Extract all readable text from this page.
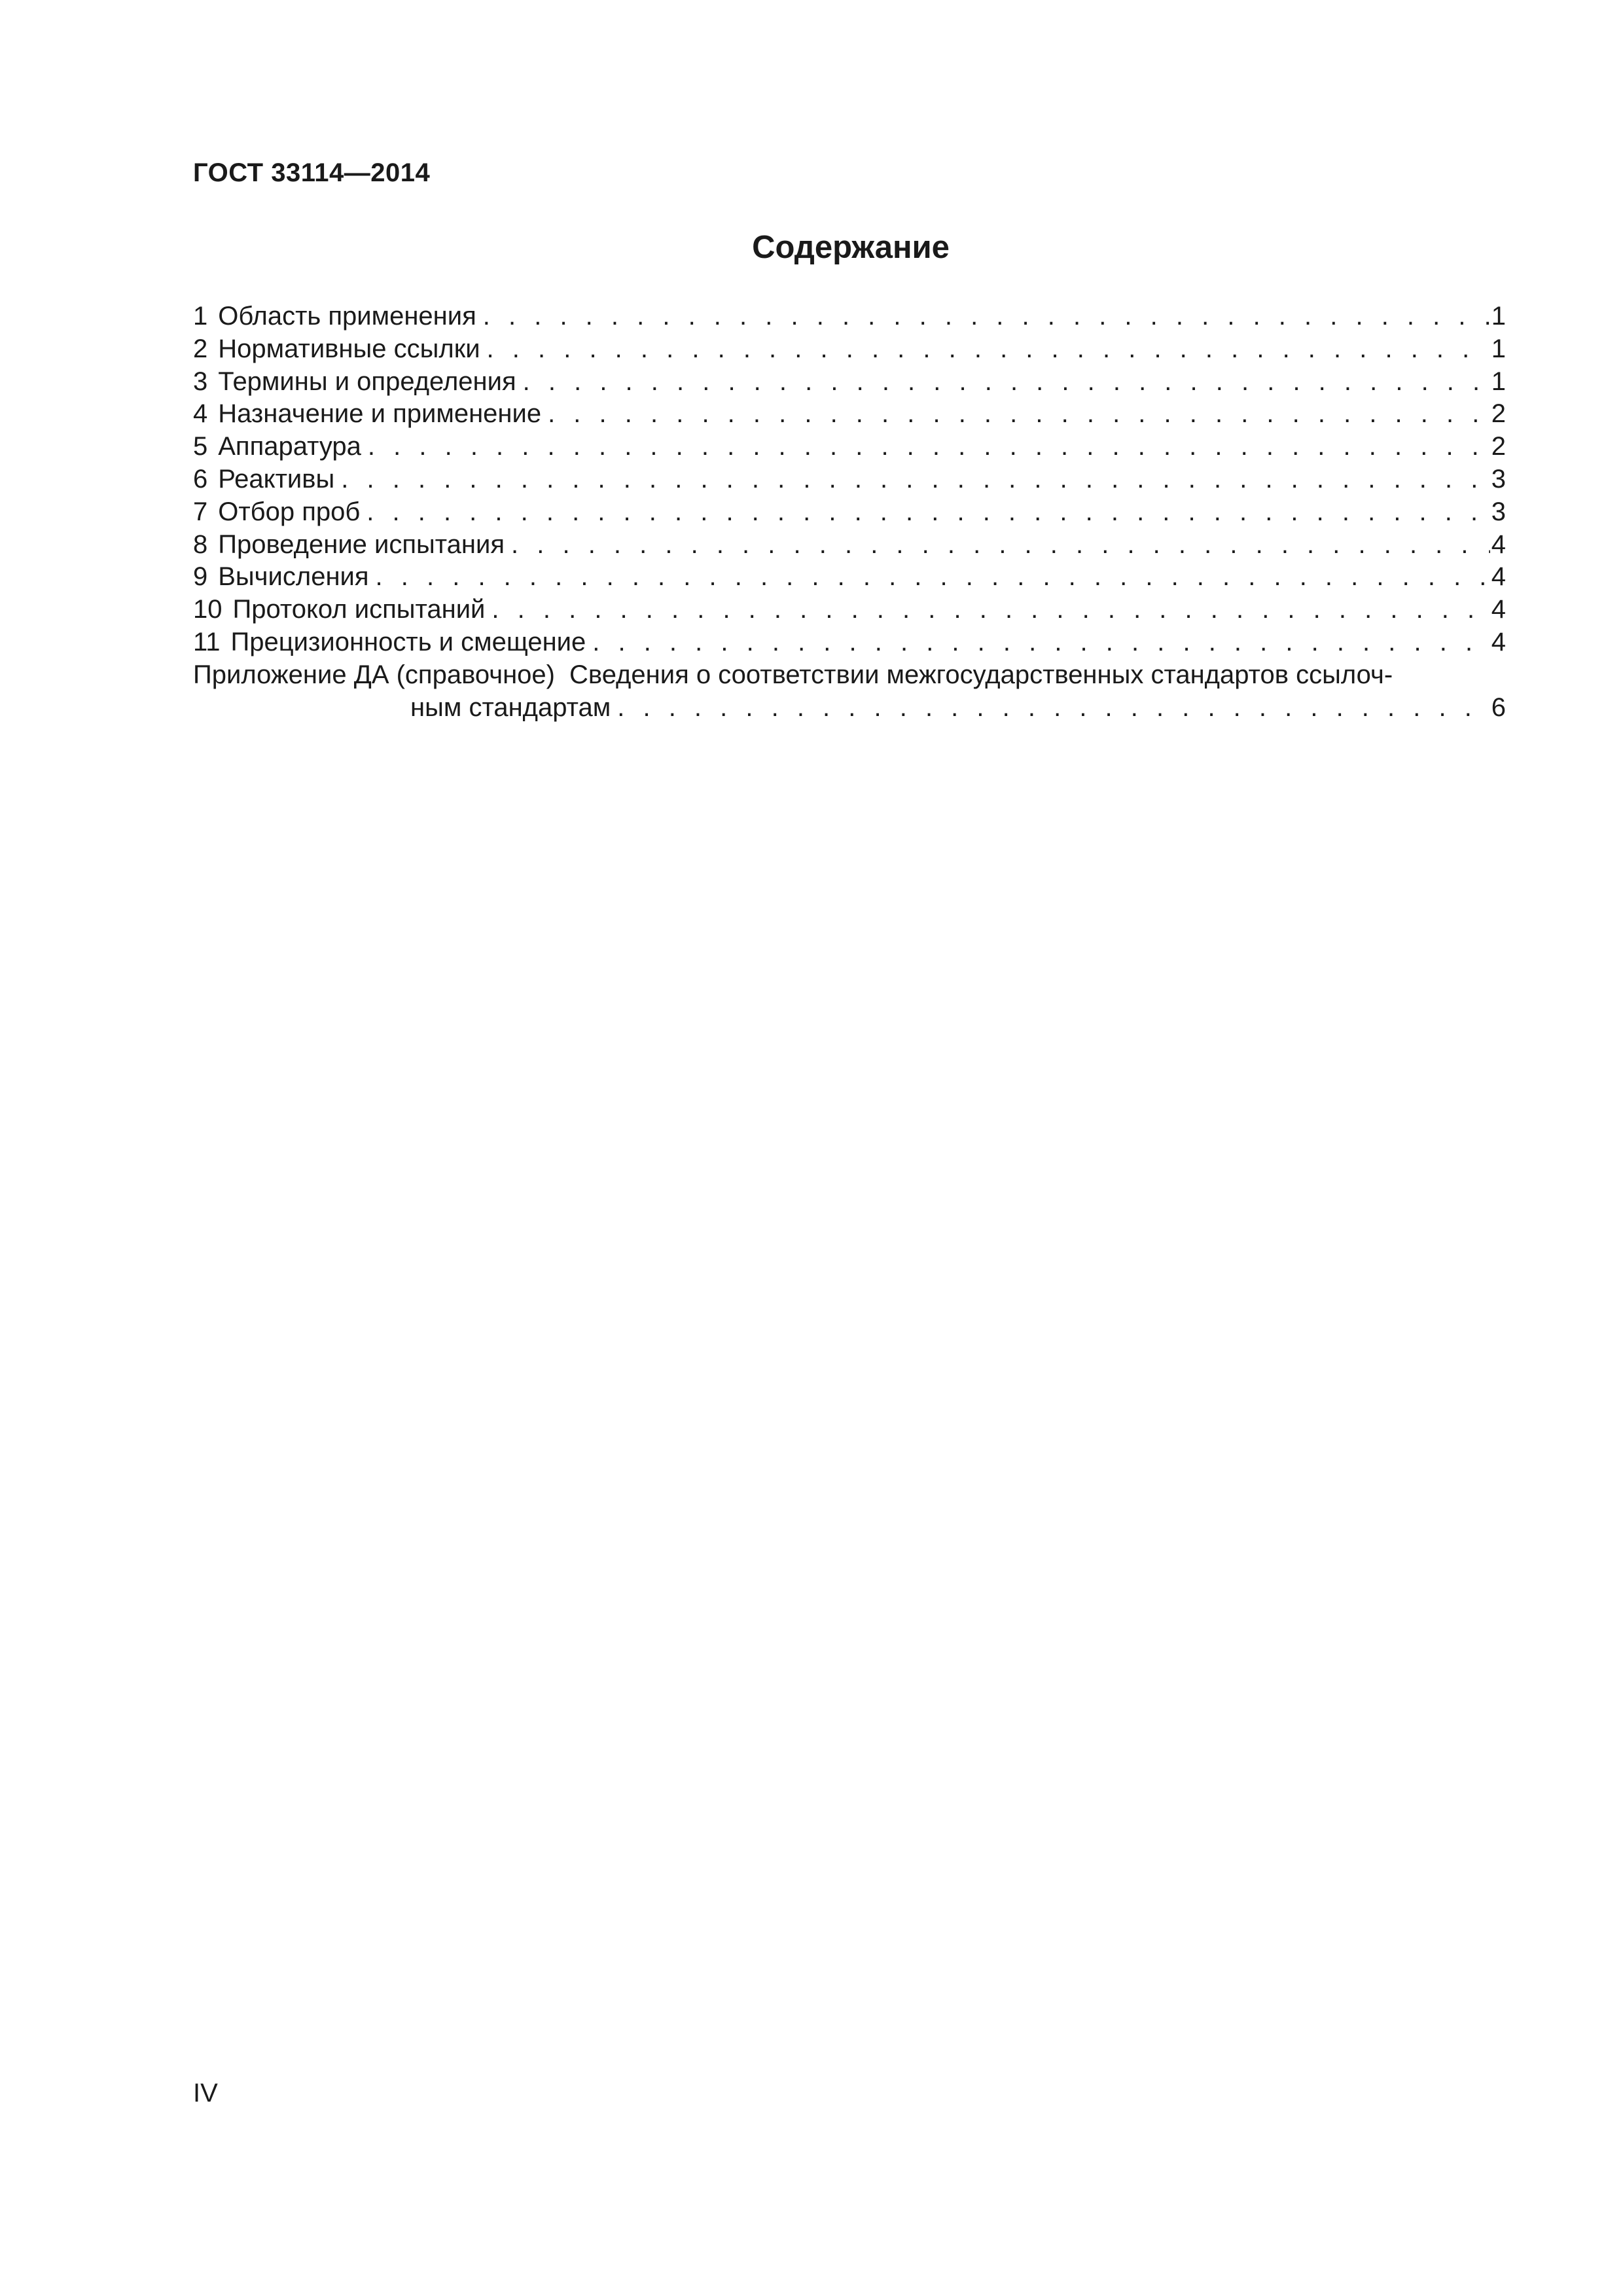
ГОСТ 33114—2014
Содержание
1 Область применения . . .	1
2 Нормативные ссылки . . .	1
3 Термины и определения . . .	1
4 Назначение и применение . . .	2
5 Аппаратура . . .	2
6 Реактивы . . .	3
7 Отбор проб . . .	3
8 Проведение испытания . . .	4
9 Вычисления . . .	4
10 Протокол испытаний . . .	4
11 Прецизионность и смещение . . .	4
Приложение ДА (справочное) Сведения о соответствии межгосударственных стандартов ссылоч-
ным стандартам . . .	6
IV
